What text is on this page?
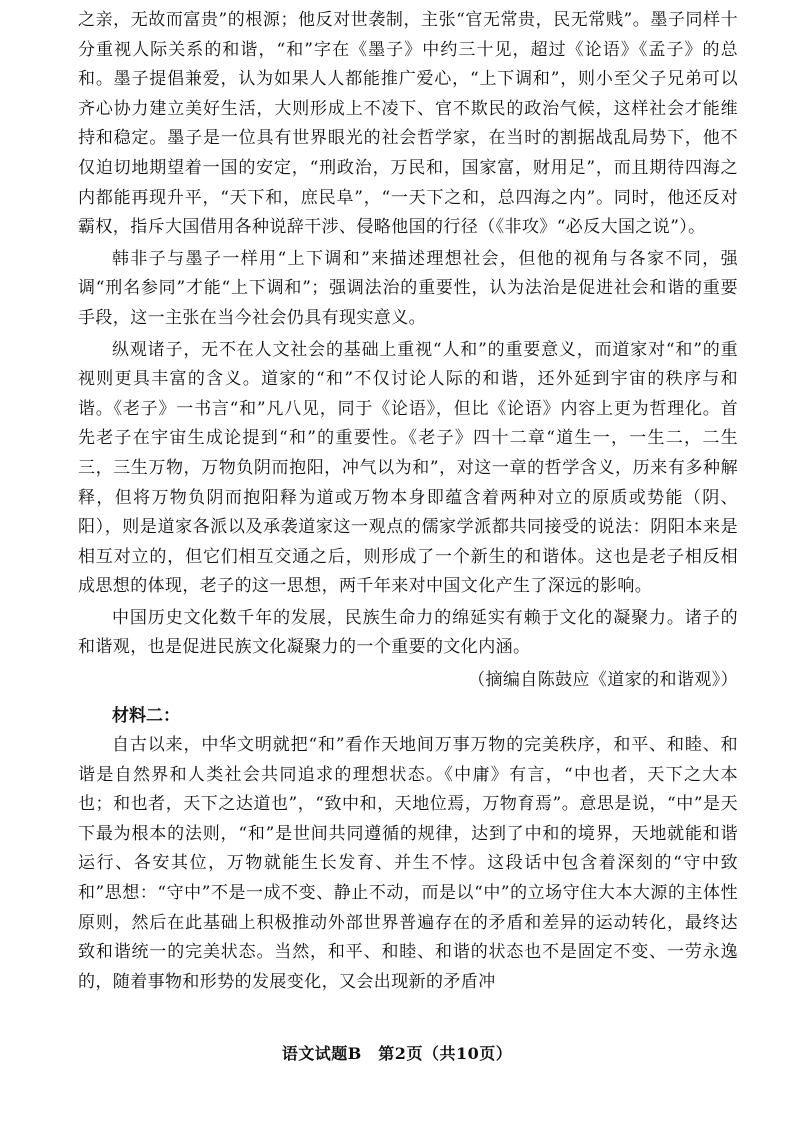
之亲，无故而富贵”的根源；他反对世袭制，主张“官无常贵，民无常贱”。墨子同样十分重视人际关系的和谐，“和”字在《墨子》中约三十见，超过《论语》《孟子》的总和。墨子提倡兼爱，认为如果人人都能推广爱心，“上下调和”，则小至父子兄弟可以齐心协力建立美好生活，大则形成上不凌下、官不欺民的政治气候，这样社会才能维持和稳定。墨子是一位具有世界眼光的社会哲学家，在当时的割据战乱局势下，他不仅迫切地期望着一国的安定，“刑政治，万民和，国家富，财用足”，而且期待四海之内都能再现升平，“天下和，庶民阜”，“一天下之和，总四海之内”。同时，他还反对霸权，指斥大国借用各种说辞干涉、侵略他国的行径（《非攻》“必反大国之说”）。

韩非子与墨子一样用“上下调和”来描述理想社会，但他的视角与各家不同，强调“刑名参同”才能“上下调和”；强调法治的重要性，认为法治是促进社会和谐的重要手段，这一主张在当今社会仍具有现实意义。

纵观诸子，无不在人文社会的基础上重视“人和”的重要意义，而道家对“和”的重视则更具丰富的含义。道家的“和”不仅讨论人际的和谐，还外延到宇宙的秩序与和谐。《老子》一书言“和”凡八见，同于《论语》，但比《论语》内容上更为哲理化。首先老子在宇宙生成论提到“和”的重要性。《老子》四十二章“道生一，一生二，二生三，三生万物，万物负阴而抱阳，冲气以为和”，对这一章的哲学含义，历来有多种解释，但将万物负阴而抱阳释为道或万物本身即蕴含着两种对立的原质或势能（阴、阳），则是道家各派以及承袭道家这一观点的儒家学派都共同接受的说法：阴阳本来是相互对立的，但它们相互交通之后，则形成了一个新生的和谐体。这也是老子相反相成思想的体现，老子的这一思想，两千年来对中国文化产生了深远的影响。

中国历史文化数千年的发展，民族生命力的绵延实有赖于文化的凝聚力。诸子的和谐观，也是促进民族文化凝聚力的一个重要的文化内涵。

（摘编自陈鼓应《道家的和谐观》）

材料二：

自古以来，中华文明就把“和”看作天地间万事万物的完美秩序，和平、和睦、和谐是自然界和人类社会共同追求的理想状态。《中庸》有言，“中也者，天下之大本也；和也者，天下之达道也”，“致中和，天地位焉，万物育焉”。意思是说，“中”是天下最为根本的法则，“和”是世间共同遵循的规律，达到了中和的境界，天地就能和谐运行、各安其位，万物就能生长发育、并生不悖。这段话中包含着深刻的“守中致和”思想：“守中”不是一成不变、静止不动，而是以“中”的立场守住大本大源的主体性原则，然后在此基础上积极推动外部世界普遍存在的矛盾和差异的运动转化，最终达致和谐统一的完美状态。当然，和平、和睦、和谐的状态也不是固定不变、一劳永逸的，随着事物和形势的发展变化，又会出现新的矛盾冲

语文试题B　第2页（共10页）
